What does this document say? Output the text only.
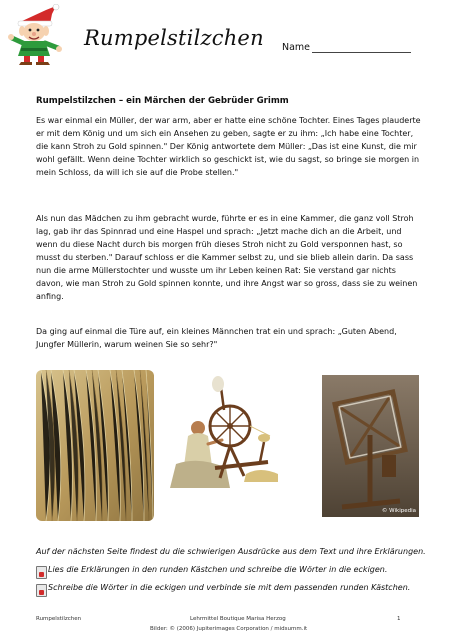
Rumpelstilzchen Name
Rumpelstilzchen – ein Märchen der Gebrüder Grimm

Es war einmal ein Müller, der war arm, aber er hatte eine schöne Tochter. Eines Tages plauderte er mit dem König und um sich ein Ansehen zu geben, sagte er zu ihm: „Ich habe eine Tochter, die kann Stroh zu Gold spinnen." Der König antwortete dem Müller: „Das ist eine Kunst, die mir wohl gefällt. Wenn deine Tochter wirklich so geschickt ist, wie du sagst, so bringe sie morgen in mein Schloss, da will ich sie auf die Probe stellen."

Als nun das Mädchen zu ihm gebracht wurde, führte er es in eine Kammer, die ganz voll Stroh lag, gab ihr das Spinnrad und eine Haspel und sprach: „Jetzt mache dich an die Arbeit, und wenn du diese Nacht durch bis morgen früh dieses Stroh nicht zu Gold versponnen hast, so musst du sterben." Darauf schloss er die Kammer selbst zu, und sie blieb allein darin. Da sass nun die arme Müllerstochter und wusste um ihr Leben keinen Rat: Sie verstand gar nichts davon, wie man Stroh zu Gold spinnen konnte, und ihre Angst war so gross, dass sie zu weinen anfing.

Da ging auf einmal die Türe auf, ein kleines Männchen trat ein und sprach: „Guten Abend, Jungfer Müllerin, warum weinen Sie so sehr?"

© Wikipedia
Auf der nächsten Seite findest du die schwierigen Ausdrücke aus dem Text und ihre Erklärungen.
Lies die Erklärungen in den runden Kästchen und schreibe die Wörter in die eckigen.
Schreibe die Wörter in die eckigen und verbinde sie mit dem passenden runden Kästchen.
Rumpelstilzchen	Lehrmittel Boutique Marisa Herzog	1
Bilder: © (2006) Jupiterimages Corporation / midsumm.it
